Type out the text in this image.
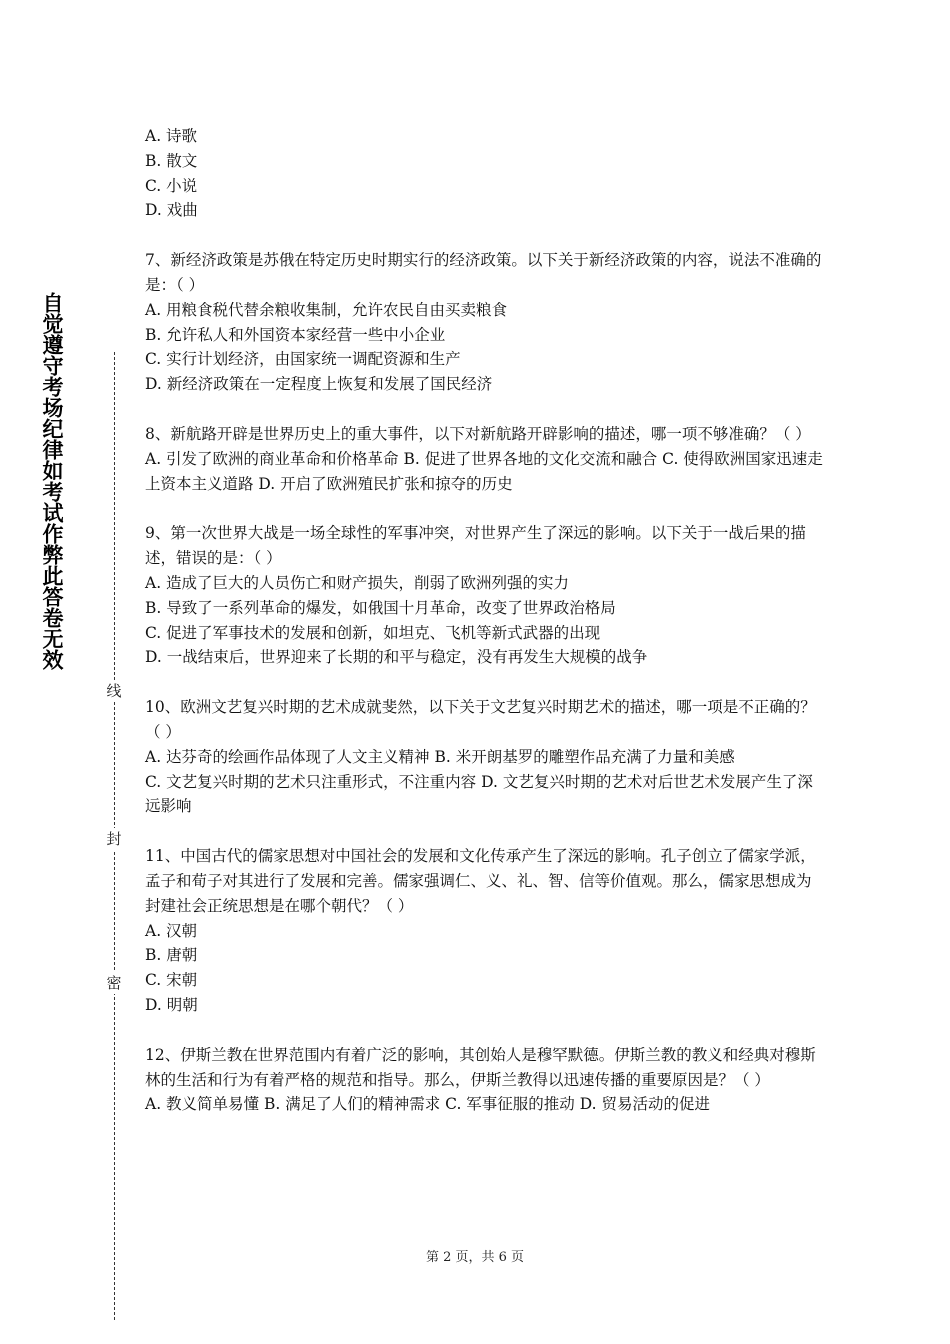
自觉遵守考场纪律如考试作弊此答卷无效
线
封
密

A. 诗歌

B. 散文

C. 小说

D. 戏曲

7、新经济政策是苏俄在特定历史时期实行的经济政策。以下关于新经济政策的内容，说法不准确的是：（ ）

A. 用粮食税代替余粮收集制，允许农民自由买卖粮食

B. 允许私人和外国资本家经营一些中小企业

C. 实行计划经济，由国家统一调配资源和生产

D. 新经济政策在一定程度上恢复和发展了国民经济

8、新航路开辟是世界历史上的重大事件，以下对新航路开辟影响的描述，哪一项不够准确？（ ）

A. 引发了欧洲的商业革命和价格革命 B. 促进了世界各地的文化交流和融合 C. 使得欧洲国家迅速走上资本主义道路 D. 开启了欧洲殖民扩张和掠夺的历史

9、第一次世界大战是一场全球性的军事冲突，对世界产生了深远的影响。以下关于一战后果的描述，错误的是：（ ）

A. 造成了巨大的人员伤亡和财产损失，削弱了欧洲列强的实力

B. 导致了一系列革命的爆发，如俄国十月革命，改变了世界政治格局

C. 促进了军事技术的发展和创新，如坦克、飞机等新式武器的出现

D. 一战结束后，世界迎来了长期的和平与稳定，没有再发生大规模的战争

10、欧洲文艺复兴时期的艺术成就斐然，以下关于文艺复兴时期艺术的描述，哪一项是不正确的？（ ）

A. 达芬奇的绘画作品体现了人文主义精神 B. 米开朗基罗的雕塑作品充满了力量和美感

C. 文艺复兴时期的艺术只注重形式，不注重内容 D. 文艺复兴时期的艺术对后世艺术发展产生了深远影响

11、中国古代的儒家思想对中国社会的发展和文化传承产生了深远的影响。孔子创立了儒家学派，孟子和荀子对其进行了发展和完善。儒家强调仁、义、礼、智、信等价值观。那么，儒家思想成为封建社会正统思想是在哪个朝代？（ ）

A. 汉朝

B. 唐朝

C. 宋朝

D. 明朝

12、伊斯兰教在世界范围内有着广泛的影响，其创始人是穆罕默德。伊斯兰教的教义和经典对穆斯林的生活和行为有着严格的规范和指导。那么，伊斯兰教得以迅速传播的重要原因是？（ ）

A. 教义简单易懂 B. 满足了人们的精神需求 C. 军事征服的推动 D. 贸易活动的促进

第 2 页，共 6 页
